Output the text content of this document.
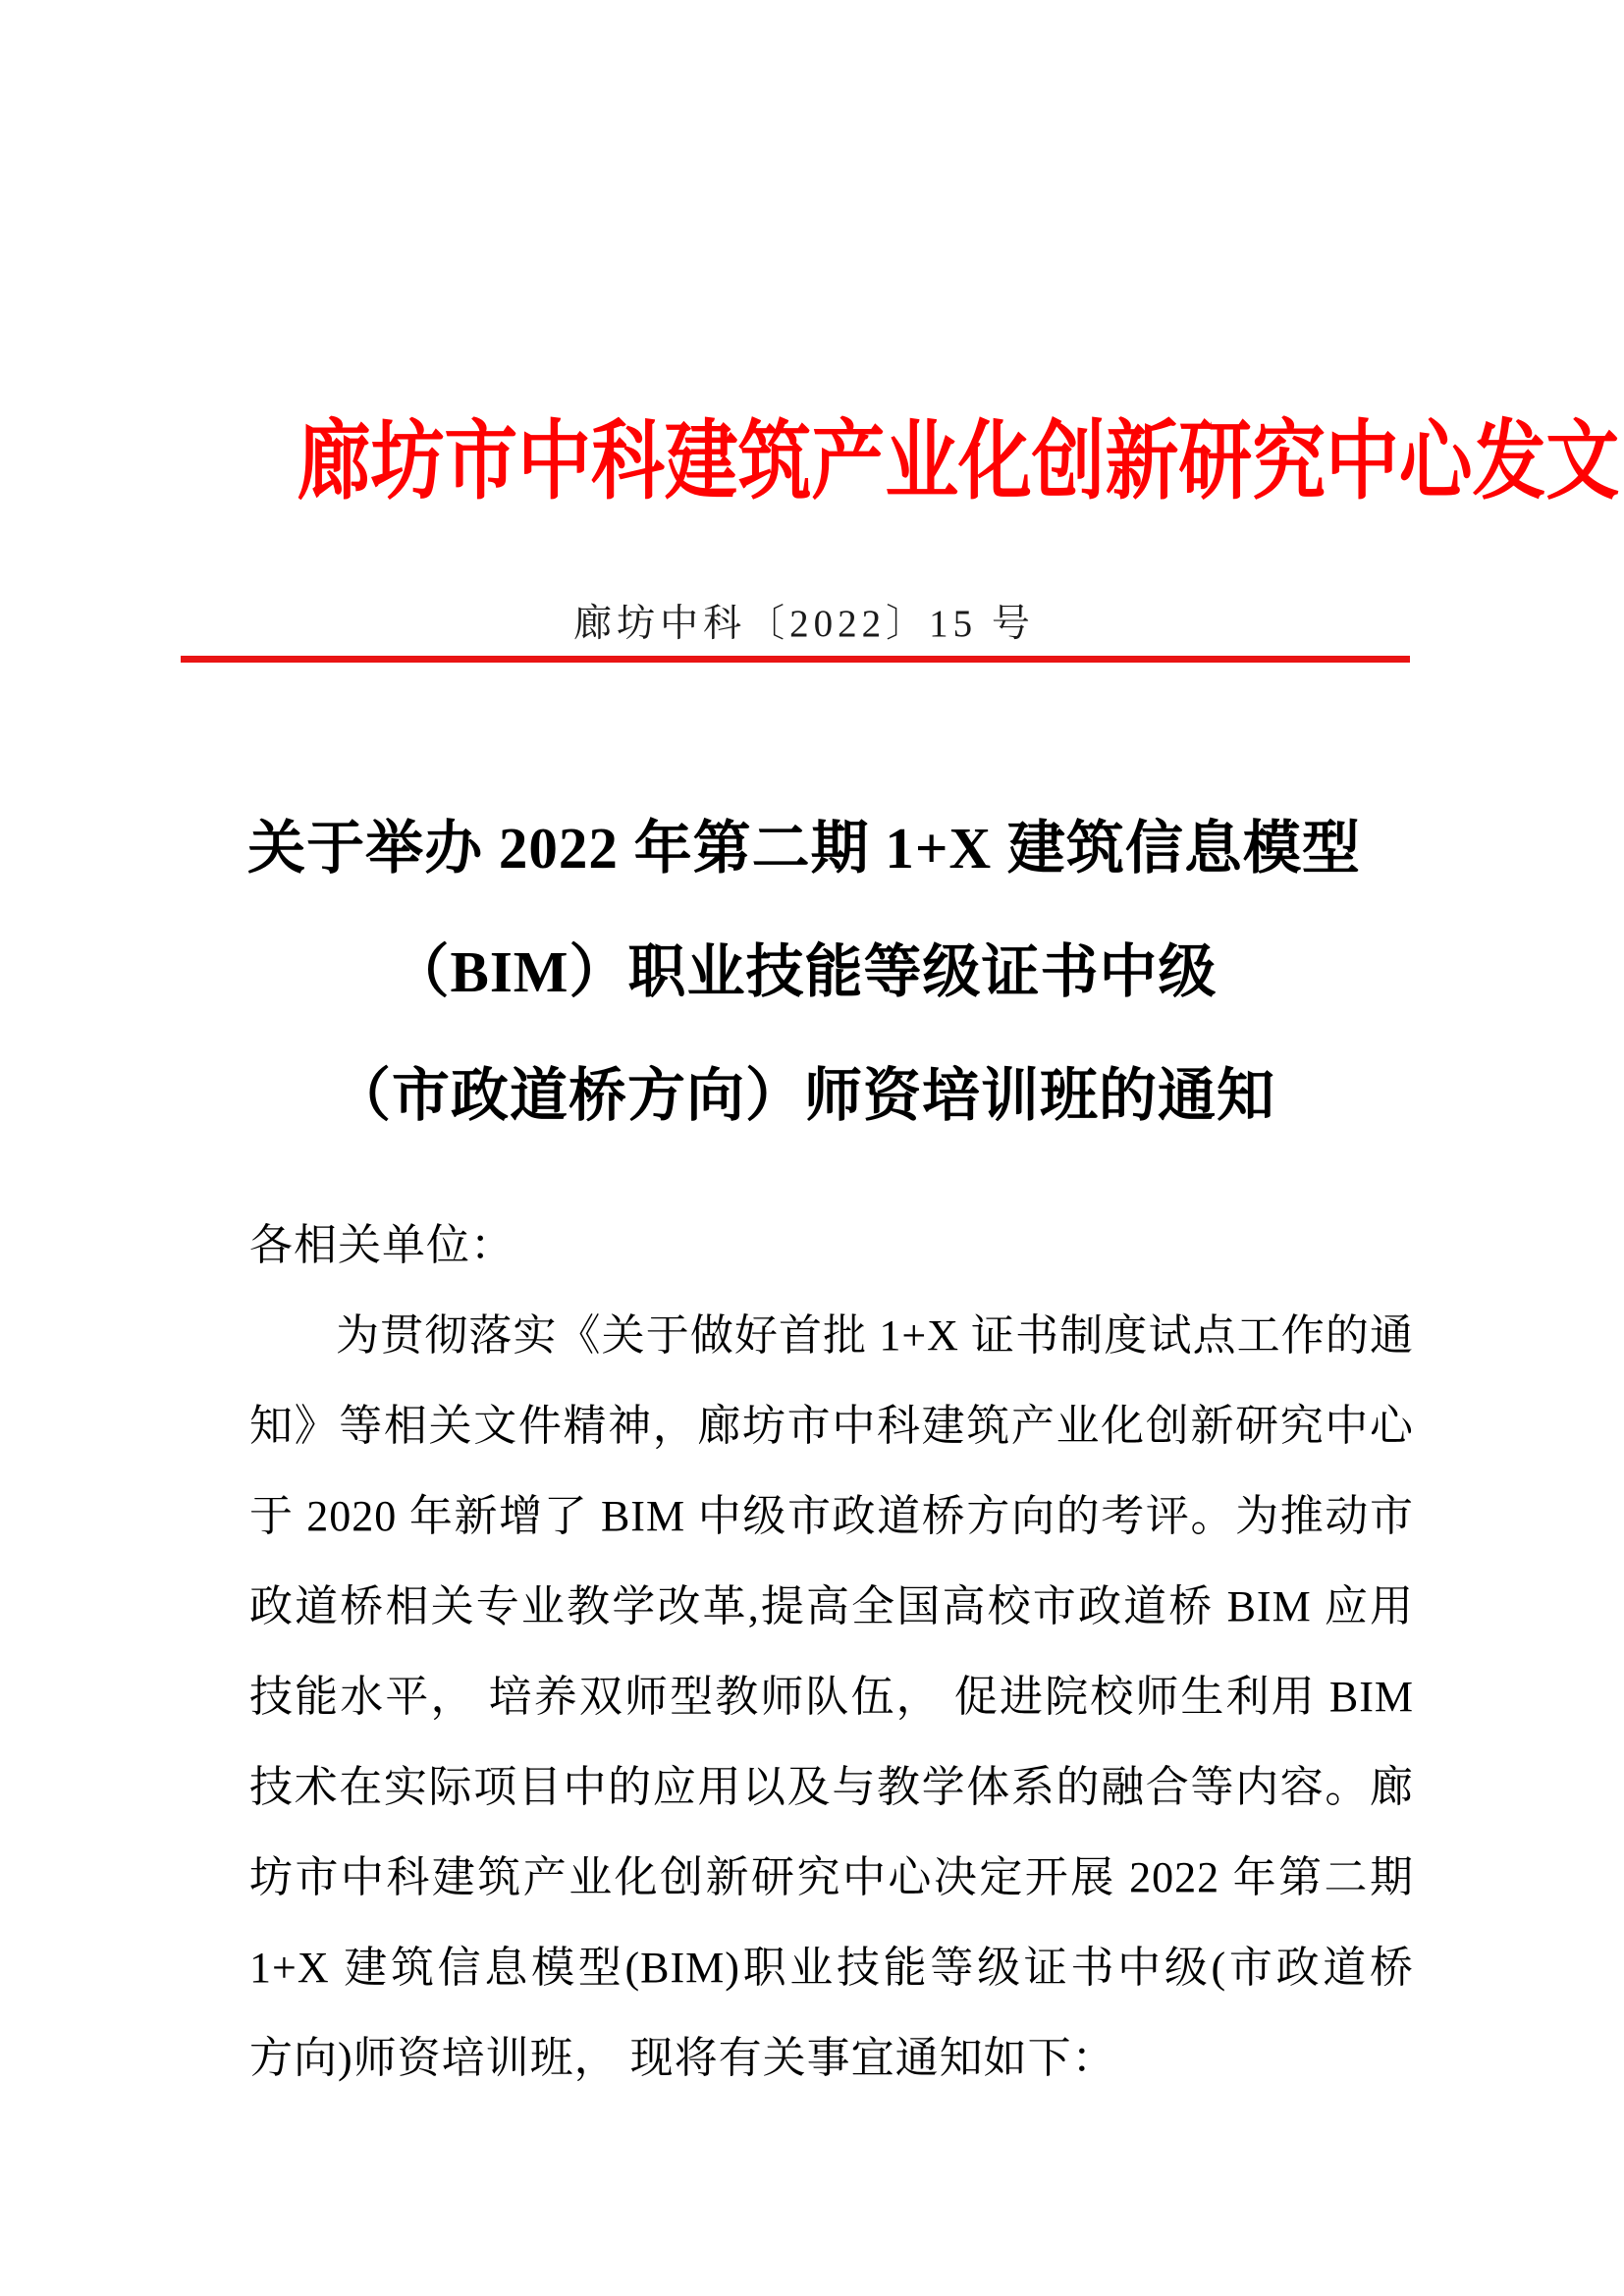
廊坊市中科建筑产业化创新研究中心发文
廊坊中科〔2022〕15 号
关于举办 2022 年第二期 1+X 建筑信息模型
（BIM）职业技能等级证书中级
（市政道桥方向）师资培训班的通知
各相关单位：
为贯彻落实《关于做好首批 1+X 证书制度试点工作的通
知》等相关文件精神，廊坊市中科建筑产业化创新研究中心
于 2020 年新增了 BIM 中级市政道桥方向的考评。为推动市
政道桥相关专业教学改革,提高全国高校市政道桥 BIM 应用
技能水平， 培养双师型教师队伍， 促进院校师生利用 BIM
技术在实际项目中的应用以及与教学体系的融合等内容。廊
坊市中科建筑产业化创新研究中心决定开展 2022 年第二期
1+X 建筑信息模型(BIM)职业技能等级证书中级(市政道桥
方向)师资培训班， 现将有关事宜通知如下：
